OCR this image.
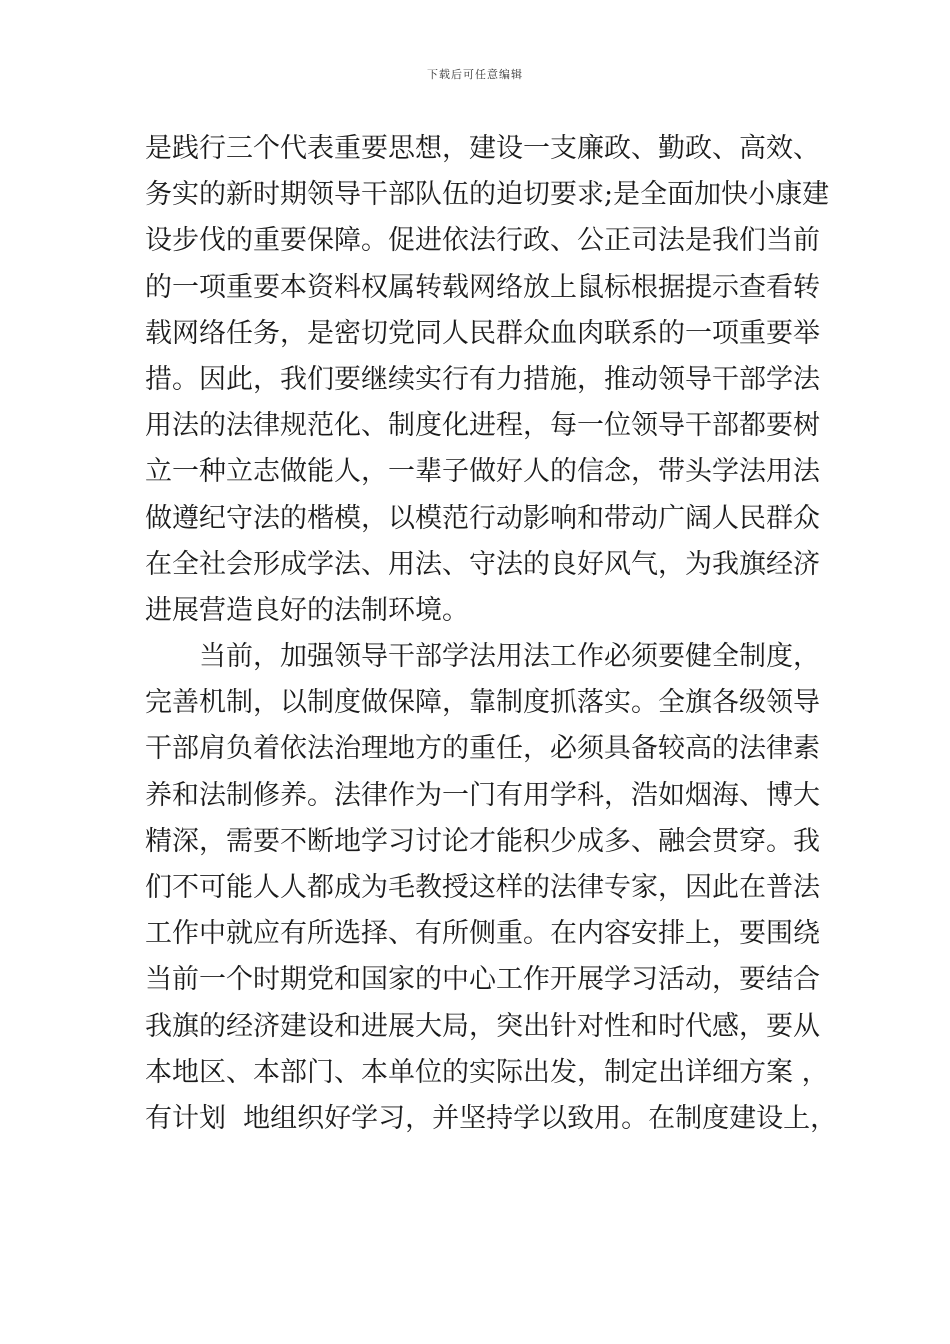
下载后可任意编辑
是践行三个代表重要思想，建设一支廉政、勤政、高效、
务实的新时期领导干部队伍的迫切要求;是全面加快小康建
设步伐的重要保障。促进依法行政、公正司法是我们当前
的一项重要本资料权属转载网络放上鼠标根据提示查看转
载网络任务，是密切党同人民群众血肉联系的一项重要举
措。因此，我们要继续实行有力措施，推动领导干部学法
用法的法律规范化、制度化进程，每一位领导干部都要树
立一种立志做能人，一辈子做好人的信念，带头学法用法
做遵纪守法的楷模，以模范行动影响和带动广阔人民群众
在全社会形成学法、用法、守法的良好风气，为我旗经济
进展营造良好的法制环境。
当前，加强领导干部学法用法工作必须要健全制度，
完善机制，以制度做保障，靠制度抓落实。全旗各级领导
干部肩负着依法治理地方的重任，必须具备较高的法律素
养和法制修养。法律作为一门有用学科，浩如烟海、博大
精深，需要不断地学习讨论才能积少成多、融会贯穿。我
们不可能人人都成为毛教授这样的法律专家，因此在普法
工作中就应有所选择、有所侧重。在内容安排上，要围绕
当前一个时期党和国家的中心工作开展学习活动，要结合
我旗的经济建设和进展大局，突出针对性和时代感，要从
本地区、本部门、本单位的实际出发，制定出详细方案 ，
有计划  地组织好学习，并坚持学以致用。在制度建设上，
